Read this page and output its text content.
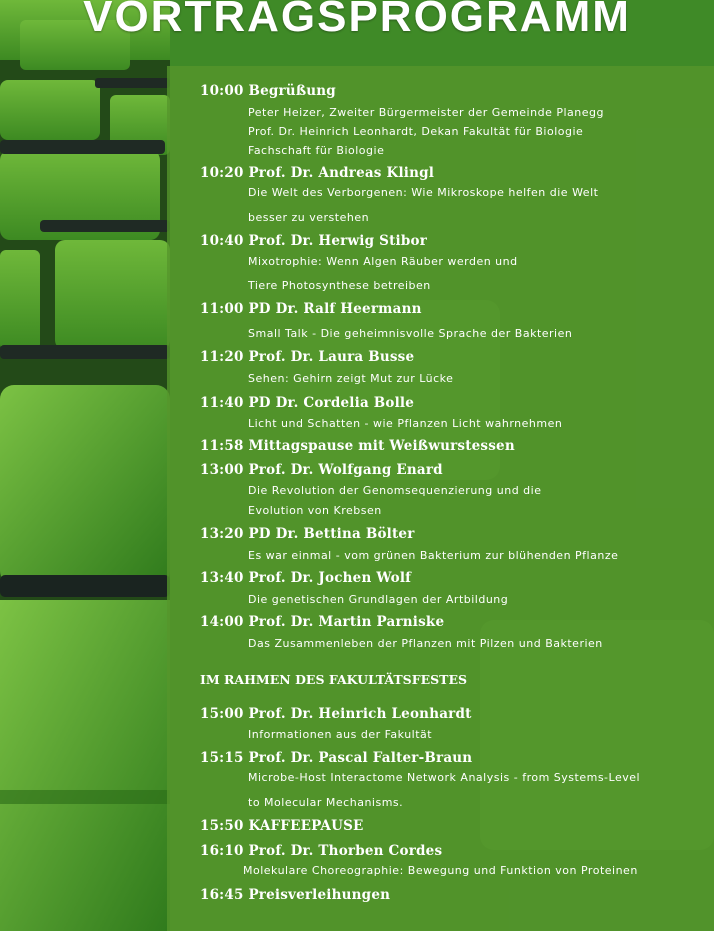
VORTRAGSPROGRAMM
10:00 Begrüßung
Peter Heizer, Zweiter Bürgermeister der Gemeinde Planegg
Prof. Dr. Heinrich Leonhardt, Dekan Fakultät für Biologie
Fachschaft für Biologie
10:20 Prof. Dr. Andreas Klingl
Die Welt des Verborgenen: Wie Mikroskope helfen die Welt
besser zu verstehen
10:40 Prof. Dr. Herwig Stibor
Mixotrophie: Wenn Algen Räuber werden und
Tiere Photosynthese betreiben
11:00 PD Dr. Ralf Heermann
Small Talk - Die geheimnisvolle Sprache der Bakterien
11:20 Prof. Dr. Laura Busse
Sehen: Gehirn zeigt Mut zur Lücke
11:40 PD Dr. Cordelia Bolle
Licht und Schatten - wie Pflanzen Licht wahrnehmen
11:58 Mittagspause mit Weißwurstessen
13:00 Prof. Dr. Wolfgang Enard
Die Revolution der Genomsequenzierung und die
Evolution von Krebsen
13:20 PD Dr. Bettina Bölter
Es war einmal - vom grünen Bakterium zur blühenden Pflanze
13:40 Prof. Dr. Jochen Wolf
Die genetischen Grundlagen der Artbildung
14:00 Prof. Dr. Martin Parniske
Das Zusammenleben der Pflanzen mit Pilzen und Bakterien
IM RAHMEN DES FAKULTÄTSFESTES
15:00 Prof. Dr. Heinrich Leonhardt
Informationen aus der Fakultät
15:15 Prof. Dr. Pascal Falter-Braun
Microbe-Host Interactome Network Analysis - from Systems-Level
to Molecular Mechanisms.
15:50 KAFFEEPAUSE
16:10 Prof. Dr. Thorben Cordes
Molekulare Choreographie: Bewegung und Funktion von Proteinen
16:45 Preisverleihungen
